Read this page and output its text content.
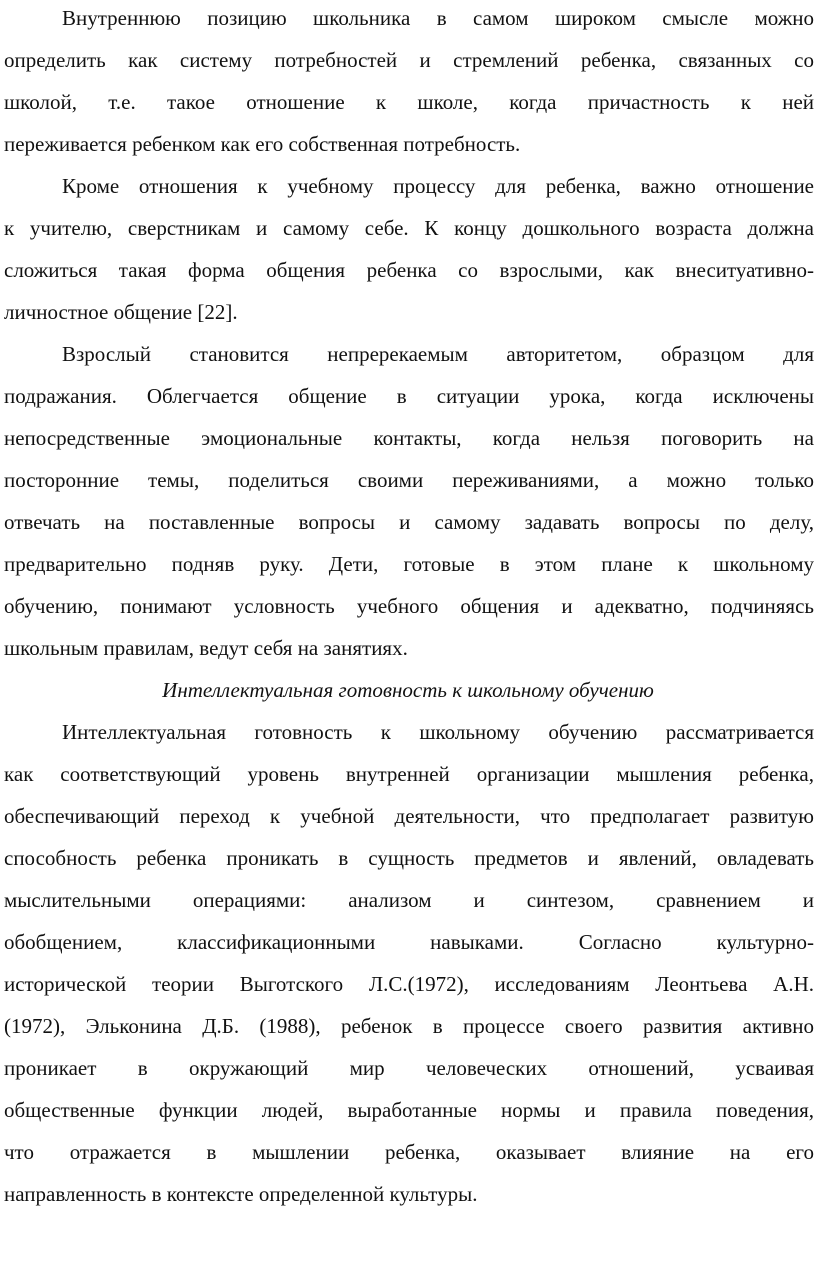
Внутреннюю позицию школьника в самом широком смысле можно
определить как систему потребностей и стремлений ребенка, связанных со
школой, т.е. такое отношение к школе, когда причастность к ней
переживается ребенком как его собственная потребность.
Кроме отношения к учебному процессу для ребенка, важно отношение
к учителю, сверстникам и самому себе. К концу дошкольного возраста должна
сложиться такая форма общения ребенка со взрослыми, как внеситуативно-
личностное общение [22].
Взрослый становится непререкаемым авторитетом, образцом для
подражания. Облегчается общение в ситуации урока, когда исключены
непосредственные эмоциональные контакты, когда нельзя поговорить на
посторонние темы, поделиться своими переживаниями, а можно только
отвечать на поставленные вопросы и самому задавать вопросы по делу,
предварительно подняв руку. Дети, готовые в этом плане к школьному
обучению, понимают условность учебного общения и адекватно, подчиняясь
школьным правилам, ведут себя на занятиях.
Интеллектуальная готовность к школьному обучению
Интеллектуальная готовность к школьному обучению рассматривается
как соответствующий уровень внутренней организации мышления ребенка,
обеспечивающий переход к учебной деятельности, что предполагает развитую
способность ребенка проникать в сущность предметов и явлений, овладевать
мыслительными операциями: анализом и синтезом, сравнением и
обобщением, классификационными навыками. Согласно культурно-
исторической теории Выготского Л.С.(1972), исследованиям Леонтьева А.Н.
(1972), Эльконина Д.Б. (1988), ребенок в процессе своего развития активно
проникает в окружающий мир человеческих отношений, усваивая
общественные функции людей, выработанные нормы и правила поведения,
что отражается в мышлении ребенка, оказывает влияние на его
направленность в контексте определенной культуры.
